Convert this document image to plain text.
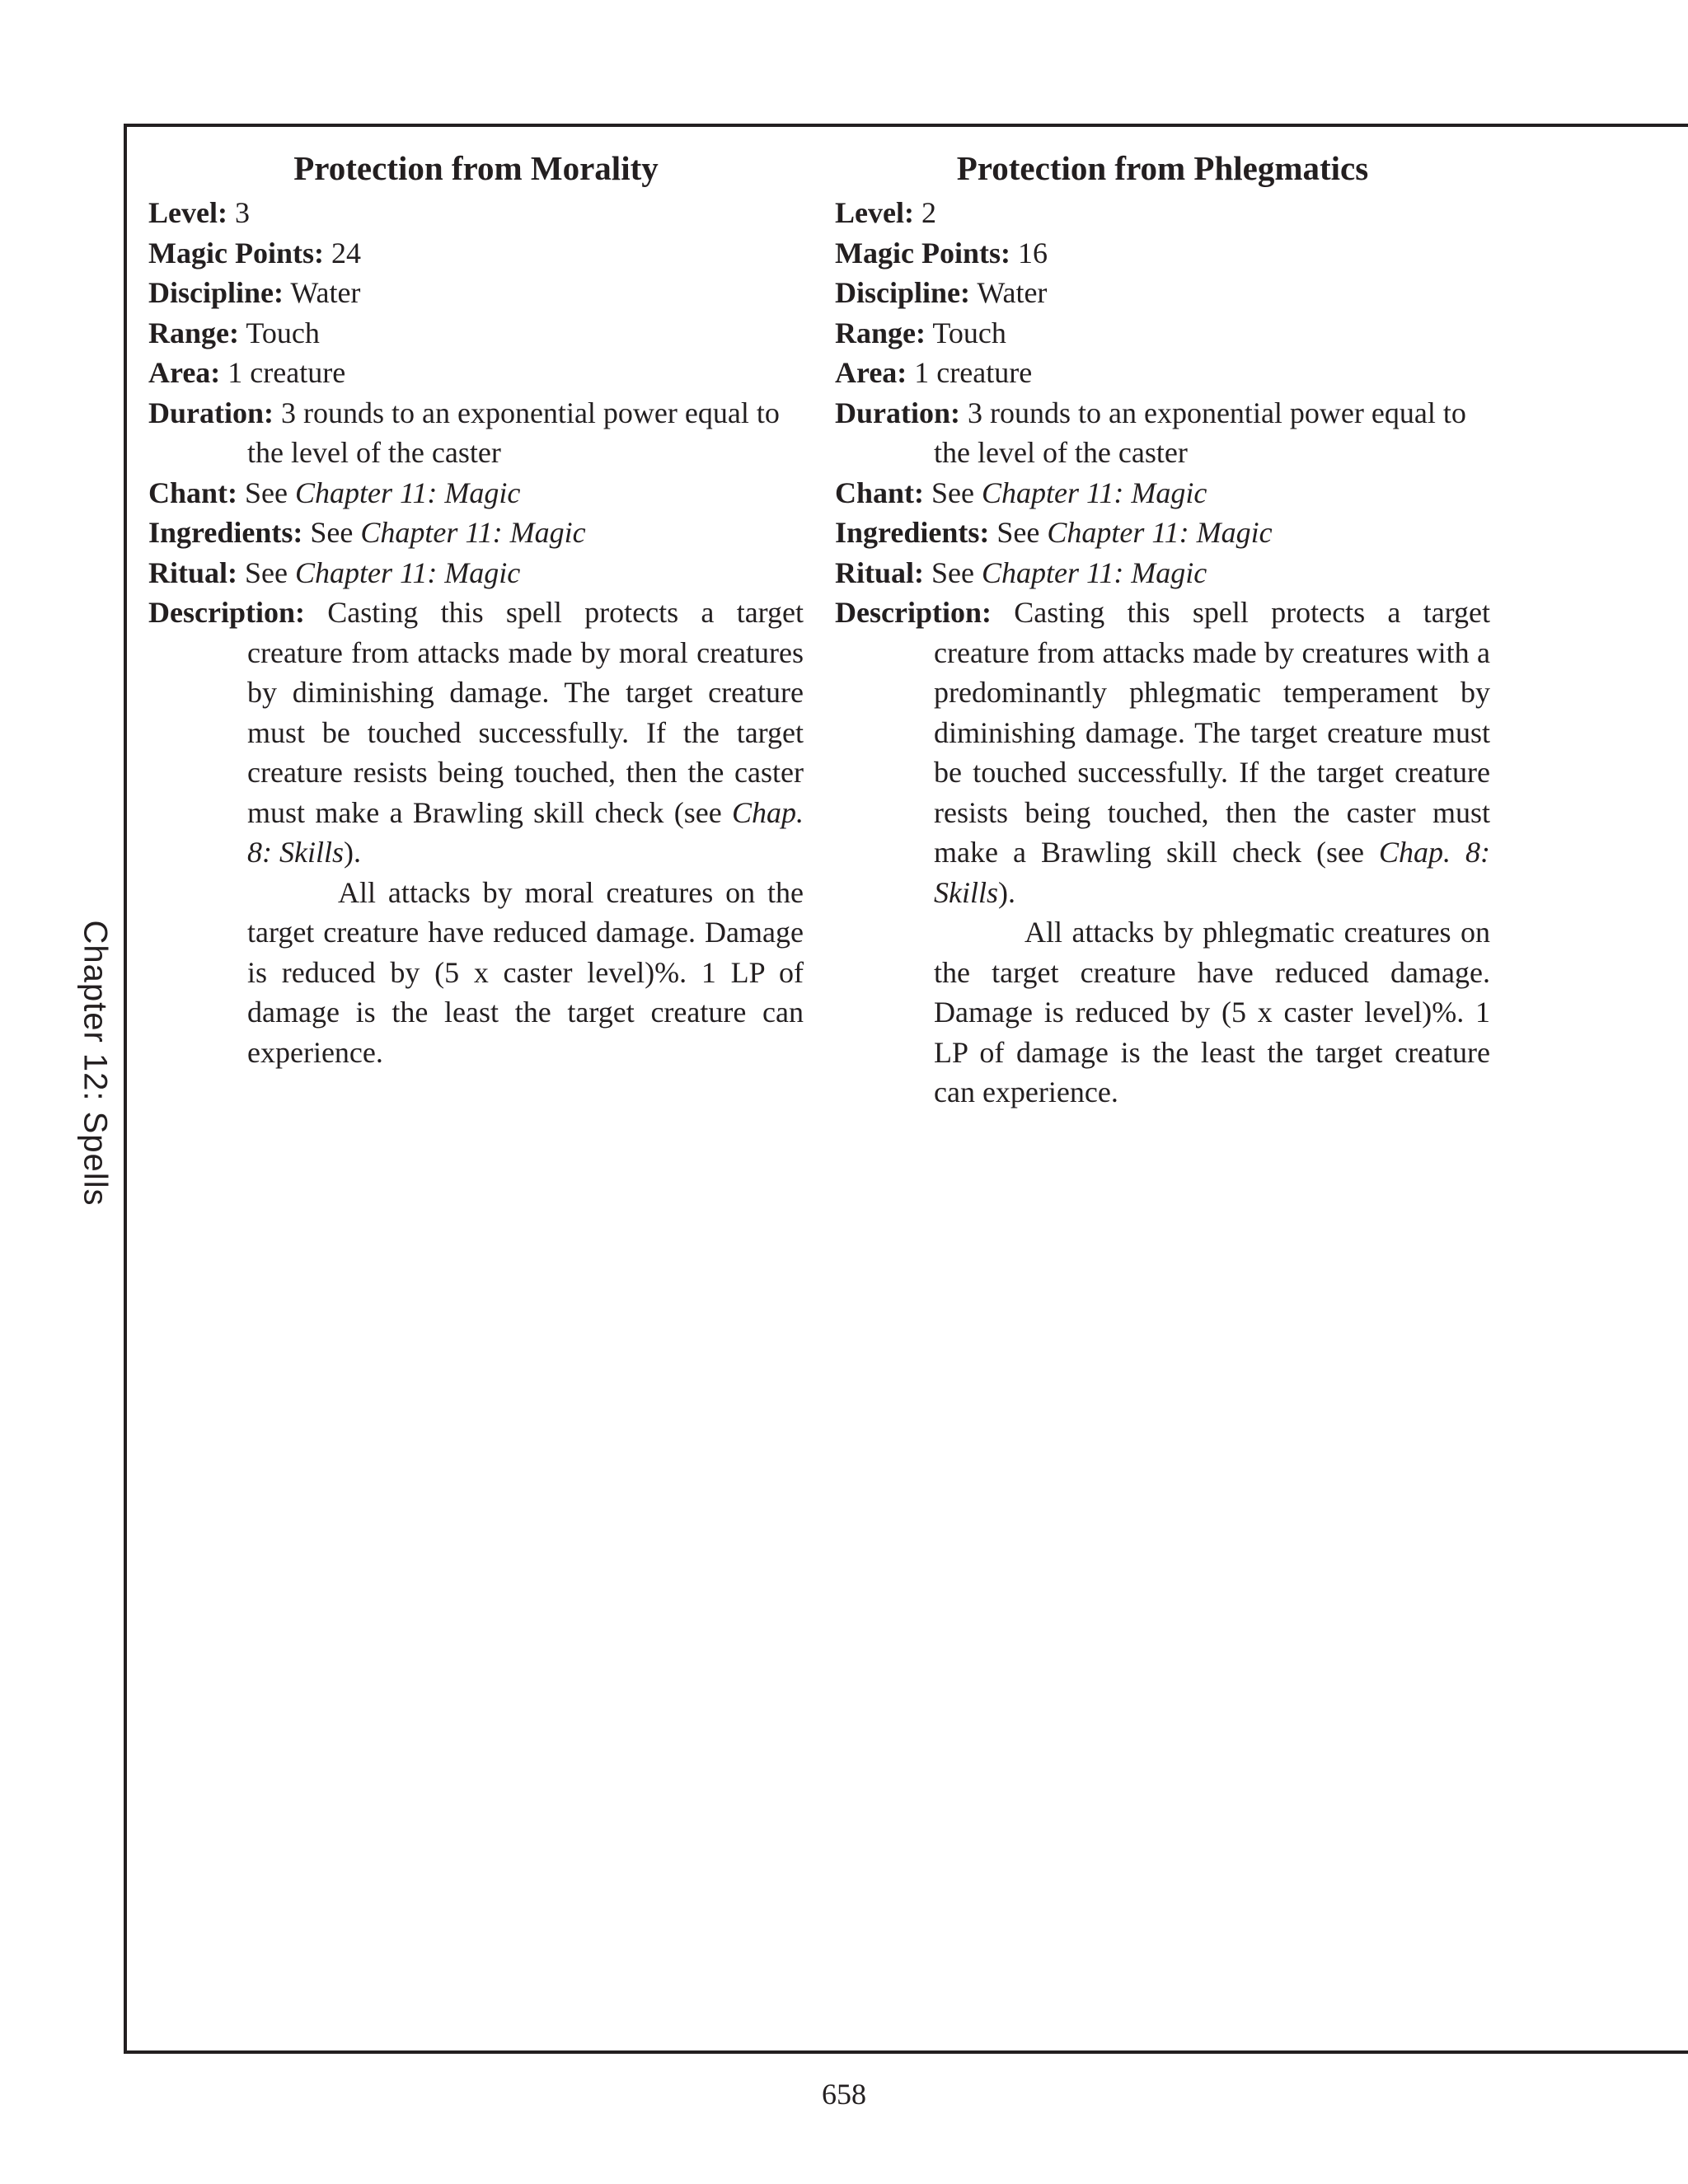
Chapter 12: Spells
Protection from Morality

Level: 3

Magic Points: 24

Discipline: Water

Range: Touch

Area: 1 creature

Duration: 3 rounds to an exponential power equal to the level of the caster

Chant: See Chapter 11: Magic

Ingredients: See Chapter 11: Magic

Ritual: See Chapter 11: Magic

Description: Casting this spell protects a target creature from attacks made by moral creatures by diminishing damage. The target creature must be touched successfully. If the target creature resists being touched, then the caster must make a Brawling skill check (see Chap. 8: Skills).

All attacks by moral creatures on the target creature have reduced damage. Damage is reduced by (5 x caster level)%. 1 LP of damage is the least the target creature can experience.

Protection from Phlegmatics

Level: 2

Magic Points: 16

Discipline: Water

Range: Touch

Area: 1 creature

Duration: 3 rounds to an exponential power equal to the level of the caster

Chant: See Chapter 11: Magic

Ingredients: See Chapter 11: Magic

Ritual: See Chapter 11: Magic

Description: Casting this spell protects a target creature from attacks made by creatures with a predominantly phlegmatic temperament by diminishing damage. The target creature must be touched successfully. If the target creature resists being touched, then the caster must make a Brawling skill check (see Chap. 8: Skills).

All attacks by phlegmatic creatures on the target creature have reduced damage. Damage is reduced by (5 x caster level)%. 1 LP of damage is the least the target creature can experience.

658
